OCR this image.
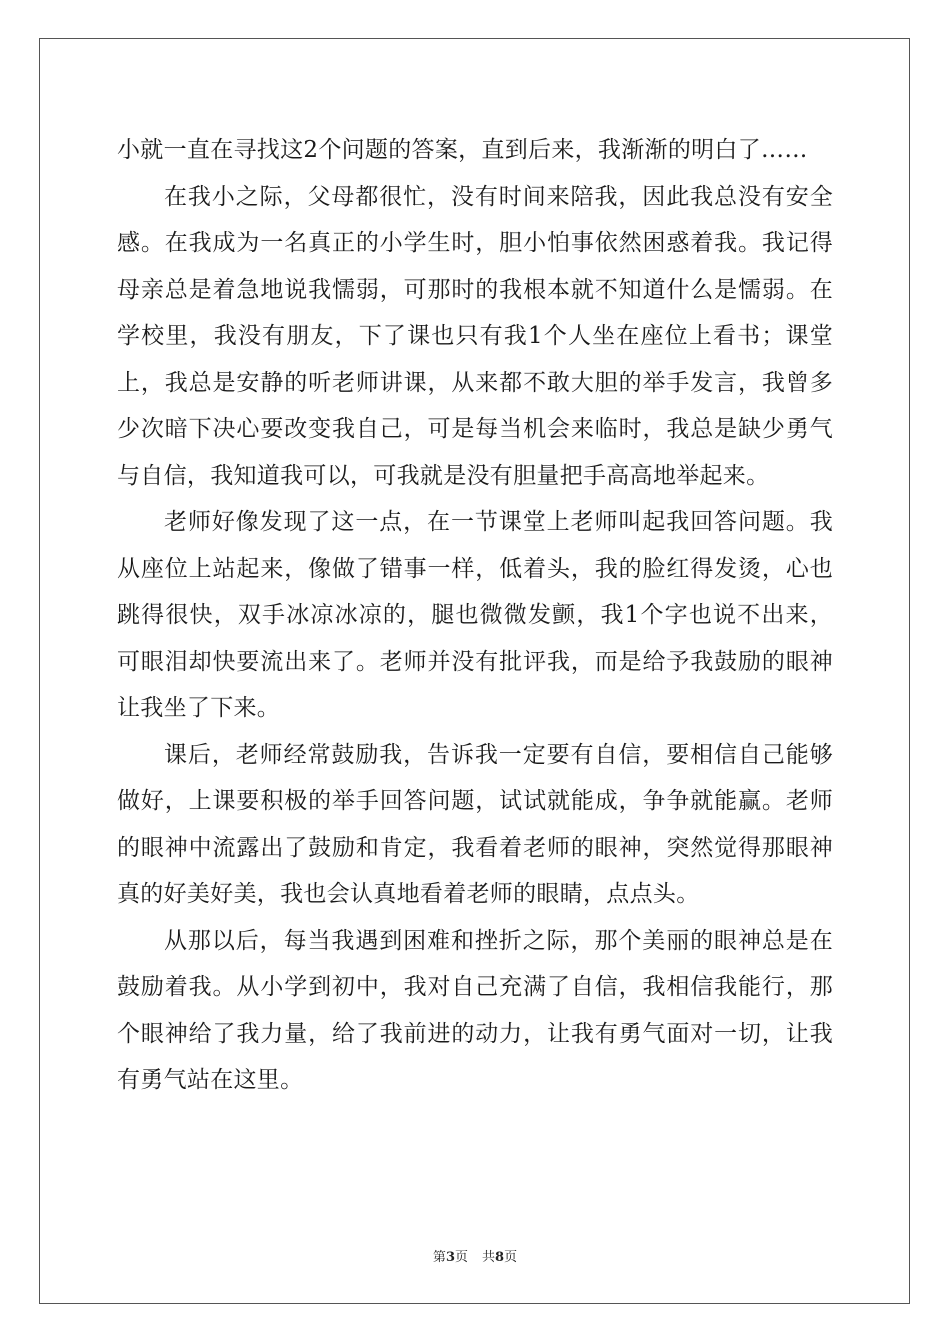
小就一直在寻找这2个问题的答案，直到后来，我渐渐的明白了……
在我小之际，父母都很忙，没有时间来陪我，因此我总没有安全
感。在我成为一名真正的小学生时，胆小怕事依然困惑着我。我记得
母亲总是着急地说我懦弱，可那时的我根本就不知道什么是懦弱。在
学校里，我没有朋友，下了课也只有我1个人坐在座位上看书；课堂
上，我总是安静的听老师讲课，从来都不敢大胆的举手发言，我曾多
少次暗下决心要改变我自己，可是每当机会来临时，我总是缺少勇气
与自信，我知道我可以，可我就是没有胆量把手高高地举起来。
老师好像发现了这一点，在一节课堂上老师叫起我回答问题。我
从座位上站起来，像做了错事一样，低着头，我的脸红得发烫，心也
跳得很快，双手冰凉冰凉的，腿也微微发颤，我1个字也说不出来，
可眼泪却快要流出来了。老师并没有批评我，而是给予我鼓励的眼神
让我坐了下来。
课后，老师经常鼓励我，告诉我一定要有自信，要相信自己能够
做好，上课要积极的举手回答问题，试试就能成，争争就能赢。老师
的眼神中流露出了鼓励和肯定，我看着老师的眼神，突然觉得那眼神
真的好美好美，我也会认真地看着老师的眼睛，点点头。
从那以后，每当我遇到困难和挫折之际，那个美丽的眼神总是在
鼓励着我。从小学到初中，我对自己充满了自信，我相信我能行，那
个眼神给了我力量，给了我前进的动力，让我有勇气面对一切，让我
有勇气站在这里。
第3页 共8页
